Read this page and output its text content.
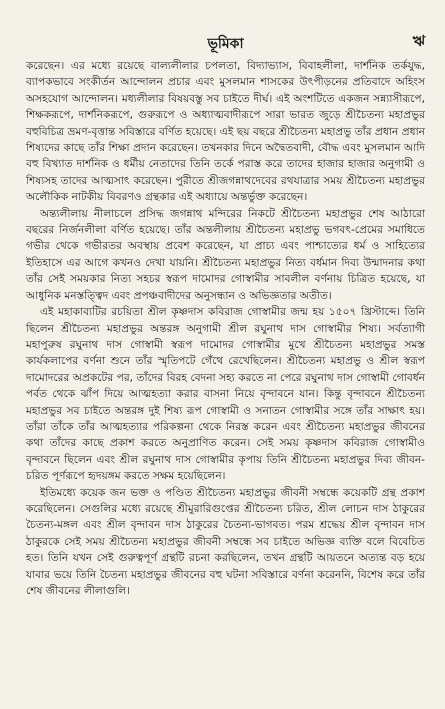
ভূমিকা	ঋ

করেছেন। এর মধ্যে রয়েছে বাল্যলীলার চপলতা, বিদ্যাভ্যাস, বিবাহলীলা, দার্শনিক তর্কযুদ্ধ, ব্যাপকভাবে সংকীর্তন আন্দোলন প্রচার এবং মুসলমান শাসকের উৎপীড়নের প্রতিবাদে অহিংস অসহযোগ আন্দোলন। মধ্যলীলার বিষয়বস্তু সব চাইতে দীর্ঘ। এই অংশটিতে একজন সন্ন্যাসীরূপে, শিক্ষকরূপে, দার্শনিকরূপে, গুরুরূপে ও অধ্যাত্মবাদীরূপে সারা ভারত জুড়ে শ্রীচৈতন্য মহাপ্রভুর বহুবিচিত্র ভ্রমণ-বৃত্তান্ত সবিস্তারে বর্ণিত হয়েছে। এই ছয় বছরে শ্রীচৈতন্য মহাপ্রভু তাঁর প্রধান প্রধান শিষ্যদের কাছে তাঁর শিক্ষা প্রদান করেছেন। তখনকার দিনে অদ্বৈতবাদী, বৌদ্ধ এবং মুসলমান আদি বহু বিখ্যাত দার্শনিক ও ধর্মীয় নেতাদের তিনি তর্কে পরাস্ত করে তাদের হাজার হাজার অনুগামী ও শিষ্যসহ তাদের আত্মসাৎ করেছেন। পুরীতে শ্রীজগন্নাথদেবের রথযাত্রার সময় শ্রীচৈতন্য মহাপ্রভুর অলৌকিক নাটকীয় বিবরণও গ্রন্থকার এই অধ্যায়ে অন্তর্ভুক্ত করেছেন।

অন্ত্যলীলায় নীলাচলে প্রসিদ্ধ জগন্নাথ মন্দিরের নিকটে শ্রীচৈতন্য মহাপ্রভুর শেষ আঠারো বছরের নির্জনলীলা বর্ণিত হয়েছে। তাঁর অন্তলীলায় শ্রীচৈতন্য মহাপ্রভু ভগবৎ-প্রেমের সমাধিতে গভীর থেকে গভীরতর অবস্থায় প্রবেশ করেছেন, যা প্রাচ্য এবং পাশ্চাত্যের ধর্ম ও সাহিত্যের ইতিহাসে এর আগে কখনও দেখা যায়নি। শ্রীচৈতন্য মহাপ্রভুর নিত্য বর্ধমান দিব্য উন্মাদনার কথা তাঁর সেই সময়কার নিত্য সহচর স্বরূপ দামোদর গোস্বামীর সাবলীল বর্ণনায় চিত্রিত হয়েছে, যা আধুনিক মনস্তত্ত্বিদ এবং প্রপঞ্চবাদীদের অনুসন্ধান ও অভিজ্ঞতার অতীত।

এই মহাকাব্যটির রচয়িতা শ্রীল কৃষ্ণদাস কবিরাজ গোস্বামীর জন্ম হয় ১৫০৭ খ্রিস্টাব্দে। তিনি ছিলেন শ্রীচৈতন্য মহাপ্রভুর অন্তরঙ্গ অনুগামী শ্রীল রঘুনাথ দাস গোস্বামীর শিষ্য। সর্বত্যাগী মহাপুরুষ রঘুনাথ দাস গোস্বামী স্বরূপ দামোদর গোস্বামীর মুখে শ্রীচৈতন্য মহাপ্রভুর সমস্ত কার্যকলাপের বর্ণনা শুনে তাঁর স্মৃতিপটে গেঁথে রেখেছিলেন। শ্রীচৈতন্য মহাপ্রভু ও শ্রীল স্বরূপ দামোদরের অপ্রকটের পর, তাঁদের বিরহ বেদনা সহ্য করতে না পেরে রঘুনাথ দাস গোস্বামী গোবর্ধন পর্বত থেকে ঝাঁপ দিয়ে আত্মহত্যা করার বাসনা নিয়ে বৃন্দাবনে যান। কিন্তু বৃন্দাবনে শ্রীচৈতন্য মহাপ্রভুর সব চাইতে অন্তরঙ্গ দুই শিষ্য রূপ গোস্বামী ও সনাতন গোস্বামীর সঙ্গে তাঁর সাক্ষাৎ হয়। তাঁরা তাঁকে তাঁর আত্মহত্যার পরিকল্পনা থেকে নিরস্ত করেন এবং শ্রীচৈতন্য মহাপ্রভুর জীবনের কথা তাঁদের কাছে প্রকাশ করতে অনুপ্রাণিত করেন। সেই সময় কৃষ্ণদাস কবিরাজ গোস্বামীও বৃন্দাবনে ছিলেন এবং শ্রীল রঘুনাথ দাস গোস্বামীর কৃপায় তিনি শ্রীচৈতন্য মহাপ্রভুর দিব্য জীবন-চরিত পূর্ণরূপে হৃদয়ঙ্গম করতে সক্ষম হয়েছিলেন।

ইতিমধ্যে কয়েক জন ভক্ত ও পণ্ডিত শ্রীচৈতন্য মহাপ্রভুর জীবনী সম্বন্ধে কয়েকটি গ্রন্থ প্রকাশ করেছিলেন। সেগুলির মধ্যে রয়েছে শ্রীমুরারিগুপ্তের শ্রীচৈতন্য চরিত, শ্রীল লোচন দাস ঠাকুরের চৈতন্য-মঙ্গল এবং শ্রীল বৃন্দাবন দাস ঠাকুরের চৈতন্য-ভাগবত। পরম শ্রদ্ধেয় শ্রীল বৃন্দাবন দাস ঠাকুরকে সেই সময় শ্রীচৈতন্য মহাপ্রভুর জীবনী সম্বন্ধে সব চাইতে অভিজ্ঞ ব্যক্তি বলে বিবেচিত হত। তিনি যখন সেই গুরুত্বপূর্ণ গ্রন্থটি রচনা করছিলেন, তখন গ্রন্থটি আয়তনে অত্যন্ত বড় হয়ে যাবার ভয়ে তিনি চৈতন্য মহাপ্রভুর জীবনের বহু ঘটনা সবিস্তারে বর্ণনা করেননি, বিশেষ করে তাঁর শেষ জীবনের লীলাগুলি।
